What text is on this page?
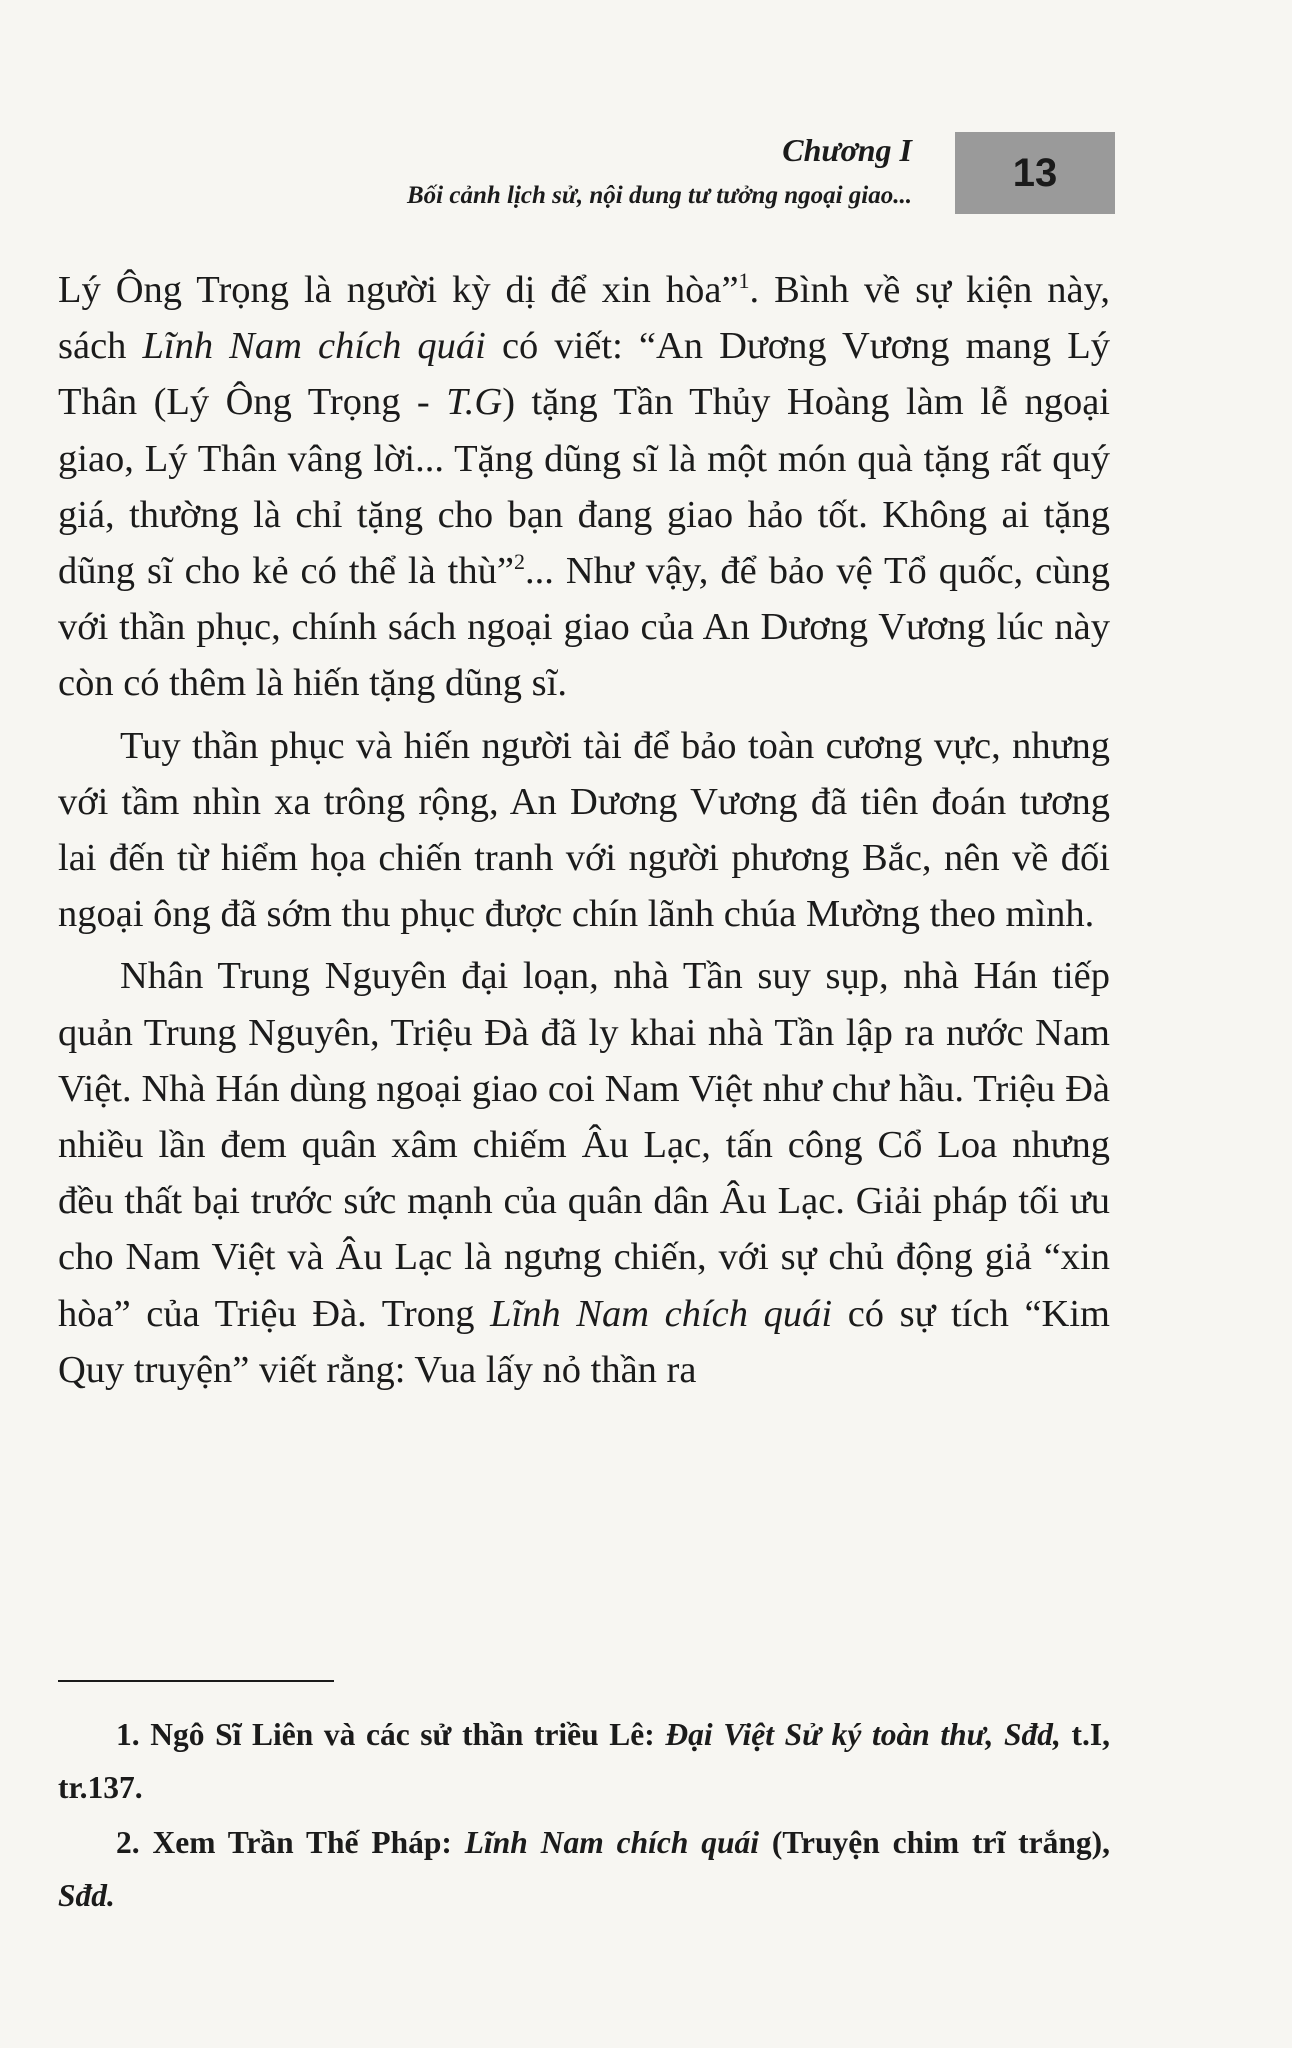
Chương I
Bối cảnh lịch sử, nội dung tư tưởng ngoại giao...
13

Lý Ông Trọng là người kỳ dị để xin hòa”$^1$. Bình về sự kiện này, sách Lĩnh Nam chích quái có viết: “An Dương Vương mang Lý Thân (Lý Ông Trọng - T.G) tặng Tần Thủy Hoàng làm lễ ngoại giao, Lý Thân vâng lời... Tặng dũng sĩ là một món quà tặng rất quý giá, thường là chỉ tặng cho bạn đang giao hảo tốt. Không ai tặng dũng sĩ cho kẻ có thể là thù”$^2$... Như vậy, để bảo vệ Tổ quốc, cùng với thần phục, chính sách ngoại giao của An Dương Vương lúc này còn có thêm là hiến tặng dũng sĩ.

Tuy thần phục và hiến người tài để bảo toàn cương vực, nhưng với tầm nhìn xa trông rộng, An Dương Vương đã tiên đoán tương lai đến từ hiểm họa chiến tranh với người phương Bắc, nên về đối ngoại ông đã sớm thu phục được chín lãnh chúa Mường theo mình.

Nhân Trung Nguyên đại loạn, nhà Tần suy sụp, nhà Hán tiếp quản Trung Nguyên, Triệu Đà đã ly khai nhà Tần lập ra nước Nam Việt. Nhà Hán dùng ngoại giao coi Nam Việt như chư hầu. Triệu Đà nhiều lần đem quân xâm chiếm Âu Lạc, tấn công Cổ Loa nhưng đều thất bại trước sức mạnh của quân dân Âu Lạc. Giải pháp tối ưu cho Nam Việt và Âu Lạc là ngưng chiến, với sự chủ động giả “xin hòa” của Triệu Đà. Trong Lĩnh Nam chích quái có sự tích “Kim Quy truyện” viết rằng: Vua lấy nỏ thần ra

1. Ngô Sĩ Liên và các sử thần triều Lê: Đại Việt Sử ký toàn thư, Sđd, t.I, tr.137.

2. Xem Trần Thế Pháp: Lĩnh Nam chích quái (Truyện chim trĩ trắng), Sđd.
